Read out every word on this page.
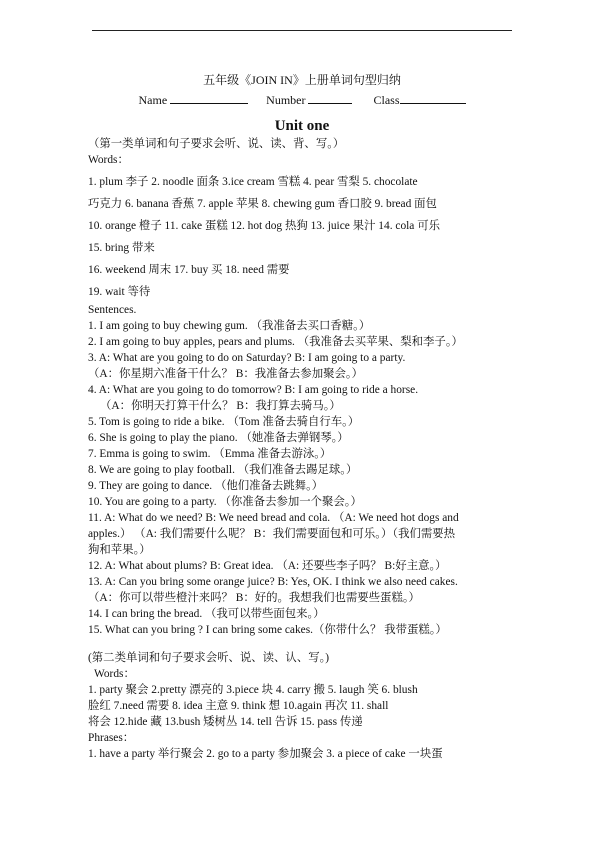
五年级《JOIN IN》上册单词句型归纳
Name	Number	Class
Unit one
（第一类单词和句子要求会听、说、读、背、写。）
Words：
1. plum 李子 2. noodle 面条 3.ice cream 雪糕 4. pear 雪梨 5. chocolate
巧克力 6. banana 香蕉 7. apple 苹果 8. chewing gum 香口胶 9. bread 面包
10. orange 橙子 11. cake 蛋糕 12. hot dog 热狗 13. juice 果汁 14. cola 可乐
15. bring 带来
16. weekend 周末 17. buy 买 18. need 需要
19. wait 等待
Sentences.
1. I am going to buy chewing gum. （我准备去买口香糖。）
2. I am going to buy apples, pears and plums. （我准备去买苹果、梨和李子。）
3. A: What are you going to do on Saturday? B: I am going to a party.
（A：你星期六准备干什么？ B：我准备去参加聚会。）
4. A: What are you going to do tomorrow? B: I am going to ride a horse.
（A：你明天打算干什么？ B：我打算去骑马。）
5. Tom is going to ride a bike. （Tom 准备去骑自行车。）
6. She is going to play the piano. （她准备去弹钢琴。）
7. Emma is going to swim. （Emma 准备去游泳。）
8. We are going to play football. （我们准备去踢足球。）
9. They are going to dance. （他们准备去跳舞。）
10. You are going to a party. （你准备去参加一个聚会。）
11. A: What do we need? B: We need bread and cola. （A: We need hot dogs and
apples.） （A: 我们需要什么呢？ B：我们需要面包和可乐。）（我们需要热
狗和苹果。）
12. A: What about plums? B: Great idea. （A: 还要些李子吗？ B:好主意。）
13. A: Can you bring some orange juice? B: Yes, OK. I think we also need cakes.
（A：你可以带些橙汁来吗？ B：好的。我想我们也需要些蛋糕。）
14. I can bring the bread. （我可以带些面包来。）
15. What can you bring ? I can bring some cakes.（你带什么？ 我带蛋糕。）
(第二类单词和句子要求会听、说、读、认、写。)
Words：
1. party 聚会 2.pretty 漂亮的 3.piece 块 4. carry 搬 5. laugh 笑 6. blush
脸红 7.need 需要 8. idea 主意 9. think 想 10.again 再次 11. shall
将会 12.hide 藏 13.bush 矮树丛 14. tell 告诉 15. pass 传递
Phrases：
1. have a party 举行聚会 2. go to a party 参加聚会 3. a piece of cake 一块蛋
